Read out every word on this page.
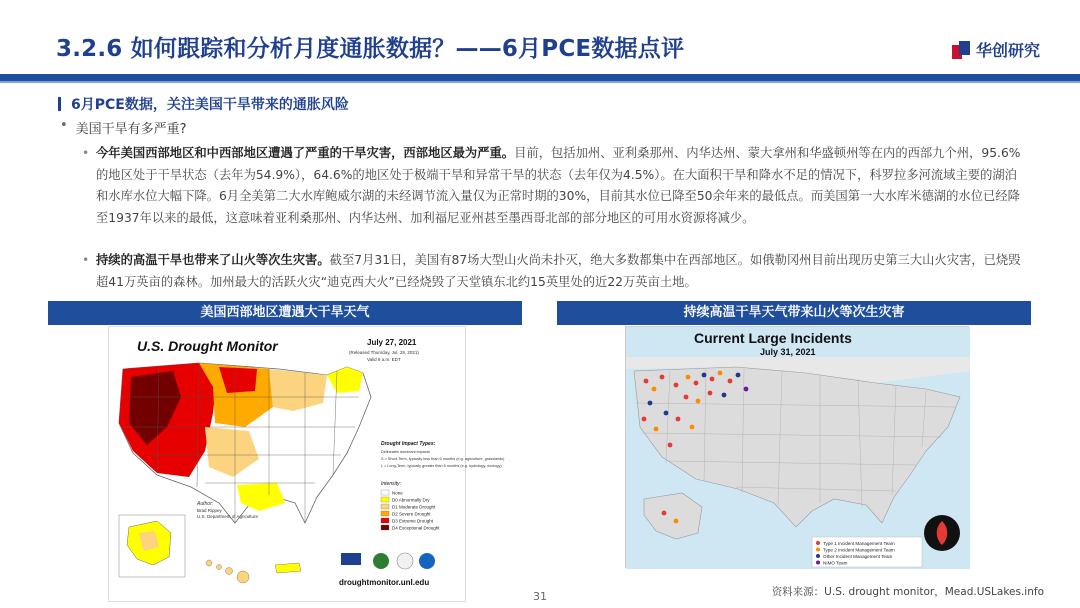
3.2.6 如何跟踪和分析月度通胀数据？——6月PCE数据点评	华创研究
6月PCE数据，关注美国干旱带来的通胀风险
• 美国干旱有多严重?
• 今年美国西部地区和中西部地区遭遇了严重的干旱灾害，西部地区最为严重。目前，包括加州、亚利桑那州、内华达州、蒙大拿州和华盛顿州等在内的西部九个州，95.6%的地区处于干旱状态（去年为54.9%），64.6%的地区处于极端干旱和异常干旱的状态（去年仅为4.5%）。在大面积干旱和降水不足的情况下，科罗拉多河流域主要的湖泊和水库水位大幅下降。6月全美第二大水库鲍威尔湖的未经调节流入量仅为正常时期的30%，目前其水位已降至50余年来的最低点。而美国第一大水库米德湖的水位已经降至1937年以来的最低，这意味着亚利桑那州、内华达州、加利福尼亚州甚至墨西哥北部的部分地区的可用水资源将减少。
• 持续的高温干旱也带来了山火等次生灾害。截至7月31日，美国有87场大型山火尚未扑灭，绝大多数都集中在西部地区。如俄勒冈州目前出现历史第三大山火灾害，已烧毁超41万英亩的森林。加州最大的活跃火灾“迪克西大火”已经烧毁了天堂镇东北约15英里处的近22万英亩土地。
美国西部地区遭遇大干旱天气	持续高温干旱天气带来山火等次生灾害
U.S. Drought Monitor	July 27, 2021
(Released Thursday, Jul. 29, 2021)
Valid 8 a.m. EDT
Drought Impact Types:
Delineates dominant impacts
S = Short-Term, typically less than 6 months (e.g. agriculture, grasslands)
L = Long-Term, typically greater than 6 months (e.g. hydrology, ecology)
Intensity:
None
D0 Abnormally Dry
D1 Moderate Drought
D2 Severe Drought
D3 Extreme Drought
D4 Exceptional Drought
Author:
Brad Rippey
U.S. Department of Agriculture
droughtmonitor.unl.edu
Current Large Incidents
July 31, 2021
Type 1 Incident Management Team
Type 2 Incident Management Team
Other Incident Management Team
NIMO Team
31	资料来源：U.S. drought monitor，Mead.USLakes.info
